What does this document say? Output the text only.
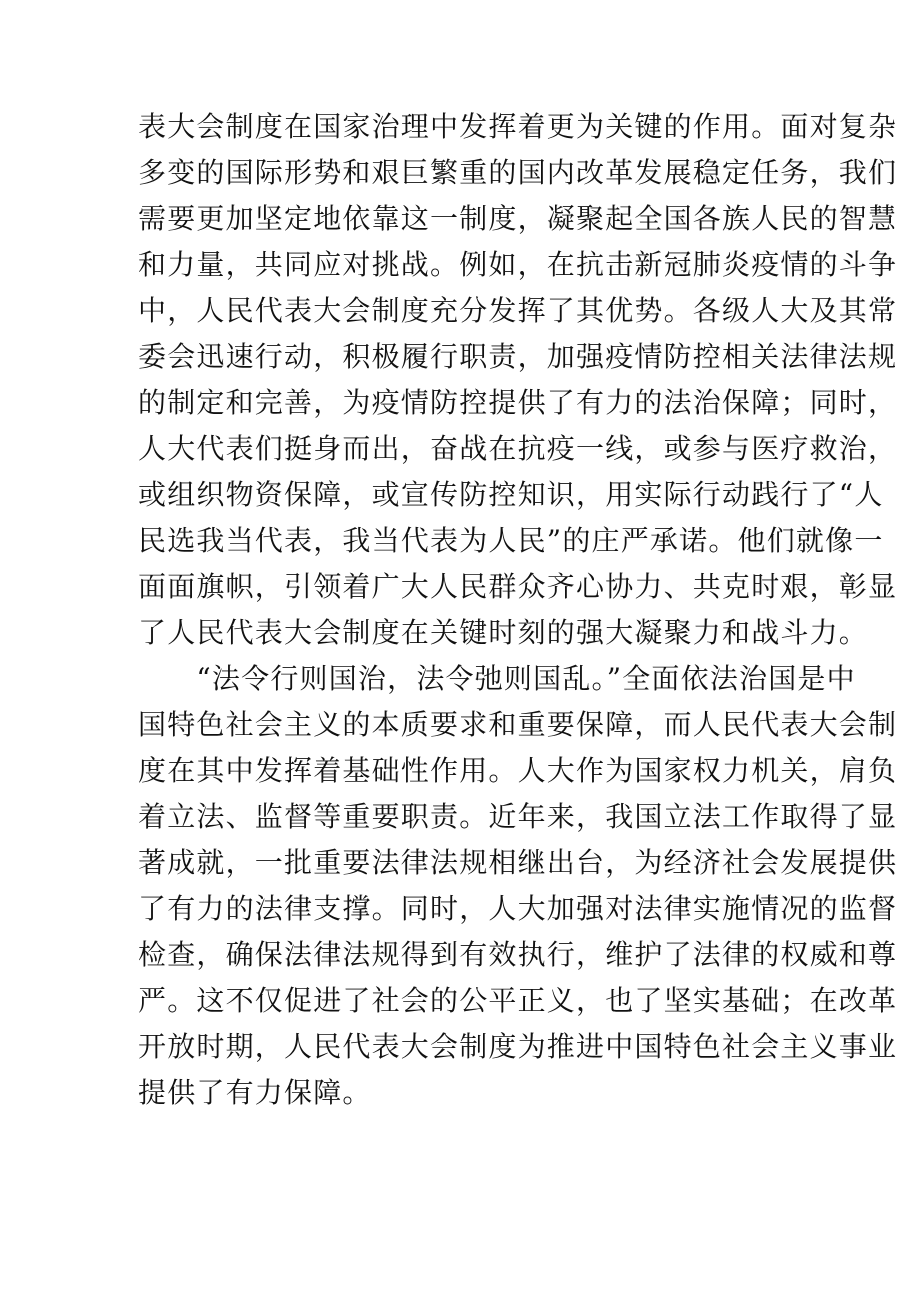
表大会制度在国家治理中发挥着更为关键的作用。面对复杂
多变的国际形势和艰巨繁重的国内改革发展稳定任务，我们
需要更加坚定地依靠这一制度，凝聚起全国各族人民的智慧
和力量，共同应对挑战。例如，在抗击新冠肺炎疫情的斗争
中，人民代表大会制度充分发挥了其优势。各级人大及其常
委会迅速行动，积极履行职责，加强疫情防控相关法律法规
的制定和完善，为疫情防控提供了有力的法治保障；同时，
人大代表们挺身而出，奋战在抗疫一线，或参与医疗救治，
或组织物资保障，或宣传防控知识，用实际行动践行了“人
民选我当代表，我当代表为人民”的庄严承诺。他们就像一
面面旗帜，引领着广大人民群众齐心协力、共克时艰，彰显
了人民代表大会制度在关键时刻的强大凝聚力和战斗力。
　　“法令行则国治，法令弛则国乱。”全面依法治国是中
国特色社会主义的本质要求和重要保障，而人民代表大会制
度在其中发挥着基础性作用。人大作为国家权力机关，肩负
着立法、监督等重要职责。近年来，我国立法工作取得了显
著成就，一批重要法律法规相继出台，为经济社会发展提供
了有力的法律支撑。同时，人大加强对法律实施情况的监督
检查，确保法律法规得到有效执行，维护了法律的权威和尊
严。这不仅促进了社会的公平正义，也了坚实基础；在改革
开放时期，人民代表大会制度为推进中国特色社会主义事业
提供了有力保障。
